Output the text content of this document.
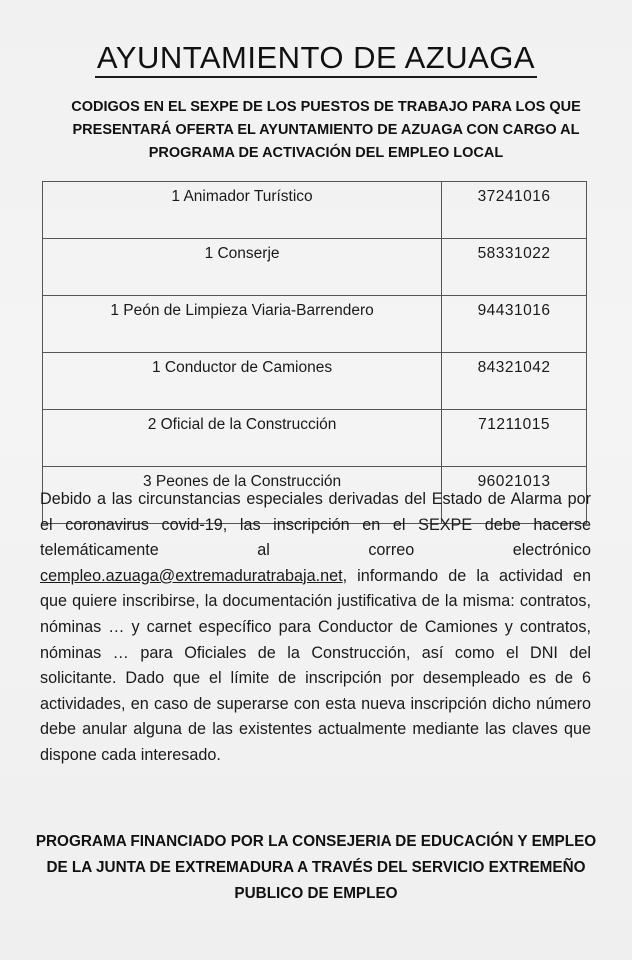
AYUNTAMIENTO DE AZUAGA
CODIGOS EN EL SEXPE DE LOS PUESTOS DE TRABAJO PARA LOS QUE PRESENTARÁ OFERTA EL AYUNTAMIENTO DE AZUAGA CON CARGO AL PROGRAMA DE ACTIVACIÓN DEL EMPLEO LOCAL
1 Animador Turístico	37241016
1 Conserje	58331022
1 Peón de Limpieza Viaria-Barrendero	94431016
1 Conductor de Camiones	84321042
2 Oficial de la Construcción	71211015
3 Peones de la Construcción	96021013
Debido a las circunstancias especiales derivadas del Estado de Alarma por el coronavirus covid-19, las inscripción en el SEXPE debe hacerse telemáticamente al correo electrónico cempleo.azuaga@extremaduratrabaja.net, informando de la actividad en que quiere inscribirse, la documentación justificativa de la misma: contratos, nóminas … y carnet específico para Conductor de Camiones y contratos, nóminas … para Oficiales de la Construcción, así como el DNI del solicitante. Dado que el límite de inscripción por desempleado es de 6 actividades, en caso de superarse con esta nueva inscripción dicho número debe anular alguna de las existentes actualmente mediante las claves que dispone cada interesado.
PROGRAMA FINANCIADO POR LA CONSEJERIA DE EDUCACIÓN Y EMPLEO DE LA JUNTA DE EXTREMADURA A TRAVÉS DEL SERVICIO EXTREMEÑO PUBLICO DE EMPLEO
